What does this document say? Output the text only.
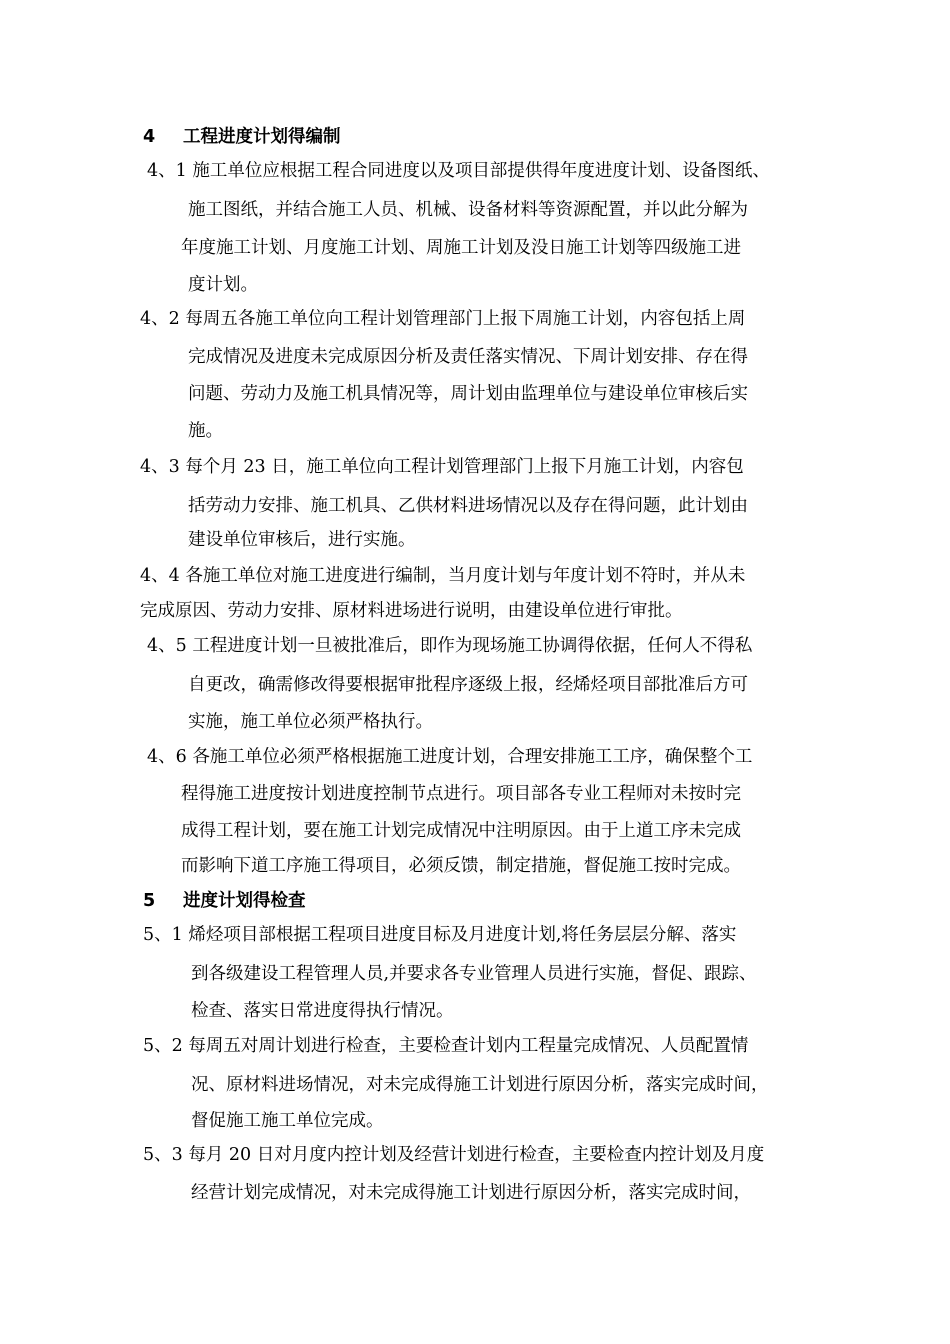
4 工程进度计划得编制
4、1 施工单位应根据工程合同进度以及项目部提供得年度进度计划、设备图纸、
施工图纸，并结合施工人员、机械、设备材料等资源配置，并以此分解为
年度施工计划、月度施工计划、周施工计划及没日施工计划等四级施工进
度计划。
4、2 每周五各施工单位向工程计划管理部门上报下周施工计划，内容包括上周
完成情况及进度未完成原因分析及责任落实情况、下周计划安排、存在得
问题、劳动力及施工机具情况等，周计划由监理单位与建设单位审核后实
施。
4、3 每个月 23 日，施工单位向工程计划管理部门上报下月施工计划，内容包
括劳动力安排、施工机具、乙供材料进场情况以及存在得问题，此计划由
建设单位审核后，进行实施。
4、4 各施工单位对施工进度进行编制，当月度计划与年度计划不符时，并从未
完成原因、劳动力安排、原材料进场进行说明，由建设单位进行审批。
4、5 工程进度计划一旦被批准后，即作为现场施工协调得依据，任何人不得私
自更改，确需修改得要根据审批程序逐级上报，经烯烃项目部批准后方可
实施，施工单位必须严格执行。
4、6 各施工单位必须严格根据施工进度计划，合理安排施工工序，确保整个工
程得施工进度按计划进度控制节点进行。项目部各专业工程师对未按时完
成得工程计划，要在施工计划完成情况中注明原因。由于上道工序未完成
而影响下道工序施工得项目，必须反馈，制定措施，督促施工按时完成。
5 进度计划得检查
5、1 烯烃项目部根据工程项目进度目标及月进度计划,将任务层层分解、落实
到各级建设工程管理人员,并要求各专业管理人员进行实施，督促、跟踪、
检查、落实日常进度得执行情况。
5、2 每周五对周计划进行检查，主要检查计划内工程量完成情况、人员配置情
况、原材料进场情况，对未完成得施工计划进行原因分析，落实完成时间，
督促施工施工单位完成。
5、3 每月 20 日对月度内控计划及经营计划进行检查，主要检查内控计划及月度
经营计划完成情况，对未完成得施工计划进行原因分析，落实完成时间，
